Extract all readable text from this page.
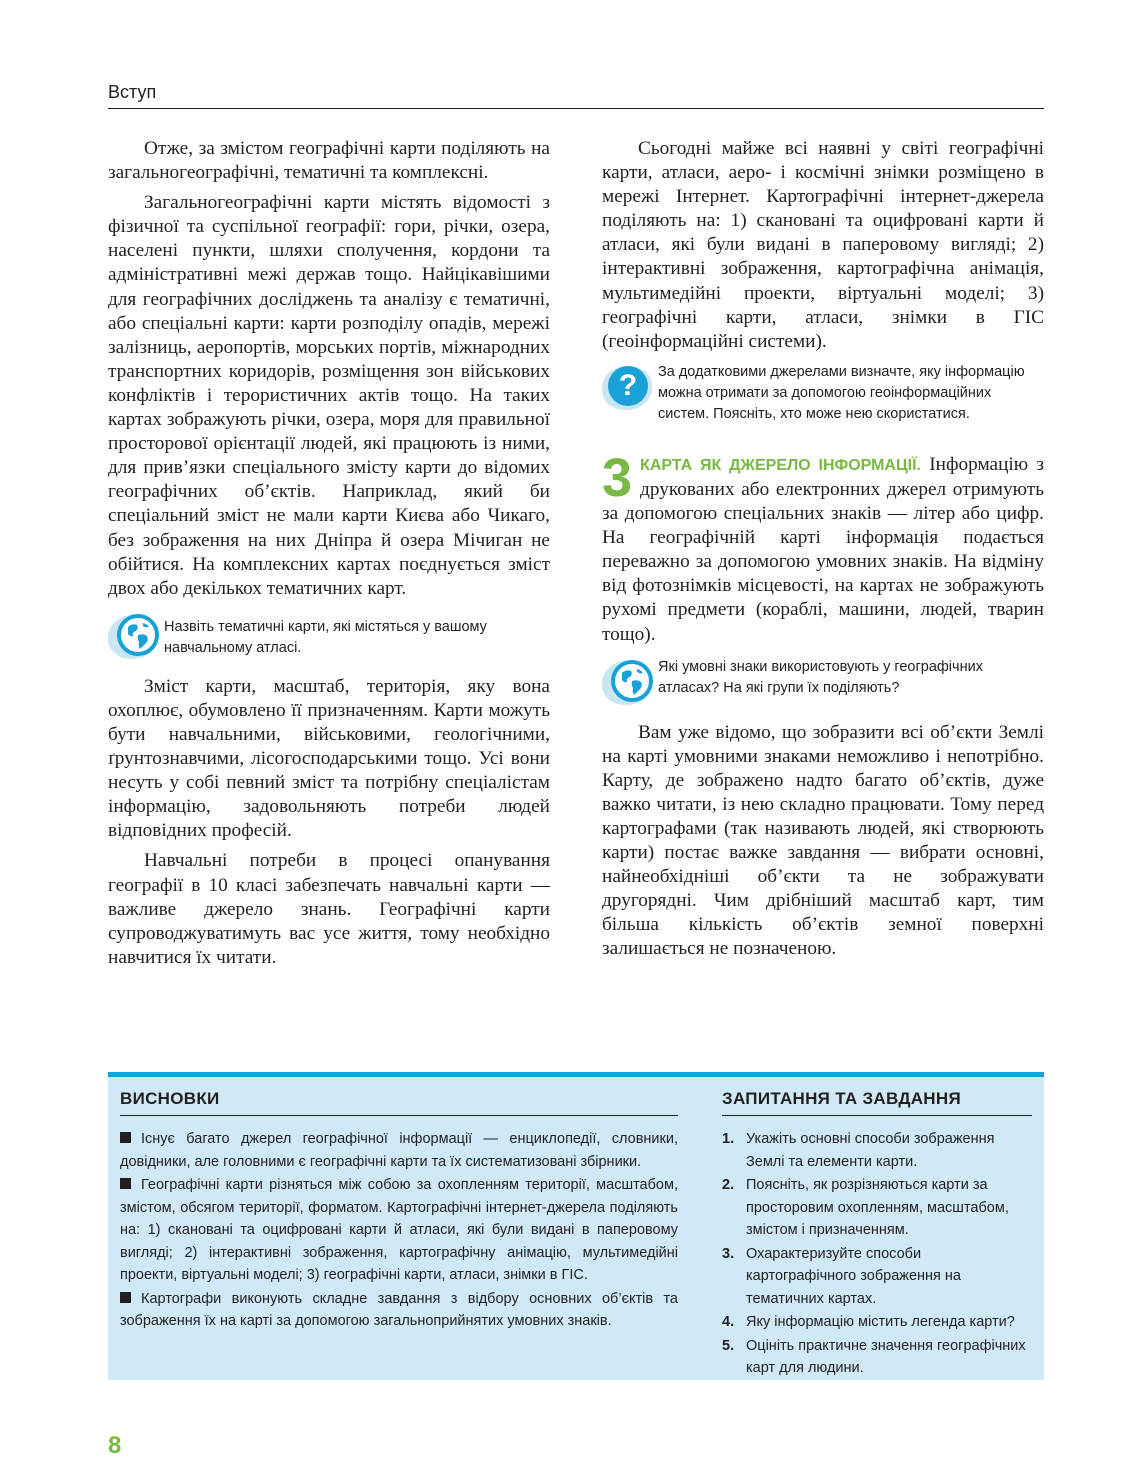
Вступ

Отже, за змістом географічні карти поділяють на загальногеографічні, тематичні та комплексні.

Загальногеографічні карти містять відомості з фізичної та суспільної географії: гори, річки, озера, населені пункти, шляхи сполучення, кордони та адміністративні межі держав тощо. Найцікавішими для географічних досліджень та аналізу є тематичні, або спеціальні карти: карти розподілу опадів, мережі залізниць, аеропортів, морських портів, міжнародних транспортних коридорів, розміщення зон військових конфліктів і терористичних актів тощо. На таких картах зображують річки, озера, моря для правильної просторової орієнтації людей, які працюють із ними, для прив’язки спеціального змісту карти до відомих географічних об’єктів. Наприклад, який би спеціальний зміст не мали карти Києва або Чикаго, без зображення на них Дніпра й озера Мічиган не обійтися. На комплексних картах поєднується зміст двох або декількох тематичних карт.

Назвіть тематичні карти, які містяться у вашому навчальному атласі.

Зміст карти, масштаб, територія, яку вона охоплює, обумовлено її призначенням. Карти можуть бути навчальними, військовими, геологічними, ґрунтознавчими, лісогосподарськими тощо. Усі вони несуть у собі певний зміст та потрібну спеціалістам інформацію, задовольняють потреби людей відповідних професій.

Навчальні потреби в процесі опанування географії в 10 класі забезпечать навчальні карти — важливе джерело знань. Географічні карти супроводжуватимуть вас усе життя, тому необхідно навчитися їх читати.

Сьогодні майже всі наявні у світі географічні карти, атласи, аеро- і космічні знімки розміщено в мережі Інтернет. Картографічні інтернет-джерела поділяють на: 1) скановані та оцифровані карти й атласи, які були видані в паперовому вигляді; 2) інтерактивні зображення, картографічна анімація, мультимедійні проекти, віртуальні моделі; 3) географічні карти, атласи, знімки в ГІС (геоінформаційні системи).

?	За додатковими джерелами визначте, яку інформацію можна отримати за допомогою геоінформаційних систем. Поясніть, хто може нею скористатися.

3 КАРТА ЯК ДЖЕРЕЛО ІНФОРМАЦІЇ. Інформацію з друкованих або електронних джерел отримують за допомогою спеціальних знаків — літер або цифр. На географічній карті інформація подається переважно за допомогою умовних знаків. На відміну від фотознімків місцевості, на картах не зображують рухомі предмети (кораблі, машини, людей, тварин тощо).

Які умовні знаки використовують у географічних атласах? На які групи їх поділяють?

Вам уже відомо, що зобразити всі об’єкти Землі на карті умовними знаками неможливо і непотрібно. Карту, де зображено надто багато об’єктів, дуже важко читати, із нею складно працювати. Тому перед картографами (так називають людей, які створюють карти) постає важке завдання — вибрати основні, найнеобхідніші об’єкти та не зображувати другорядні. Чим дрібніший масштаб карт, тим більша кількість об’єктів земної поверхні залишається не позначеною.

ВИСНОВКИ
Існує багато джерел географічної інформації — енциклопедії, словники, довідники, але головними є географічні карти та їх систематизовані збірники.
Географічні карти різняться між собою за охопленням території, масштабом, змістом, обсягом території, форматом. Картографічні інтернет-джерела поділяють на: 1) скановані та оцифровані карти й атласи, які були видані в паперовому вигляді; 2) інтерактивні зображення, картографічну анімацію, мультимедійні проекти, віртуальні моделі; 3) географічні карти, атласи, знімки в ГІС.
Картографи виконують складне завдання з відбору основних об’єктів та зображення їх на карті за допомогою загальноприйнятих умовних знаків.
ЗАПИТАННЯ ТА ЗАВДАННЯ
1. Укажіть основні способи зображення Землі та елементи карти.
2. Поясніть, як розрізняються карти за просторовим охопленням, масштабом, змістом і призначенням.
3. Охарактеризуйте способи картографічного зображення на тематичних картах.
4. Яку інформацію містить легенда карти?
5. Оцініть практичне значення географічних карт для людини.
8
